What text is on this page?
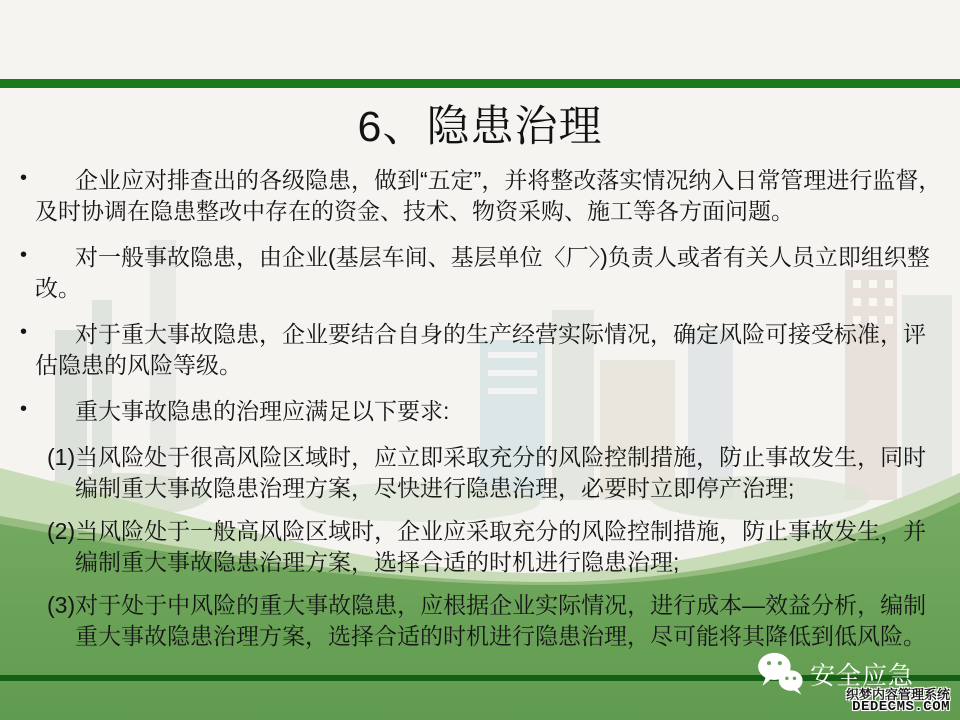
6、隐患治理

• 企业应对排查出的各级隐患，做到“五定”，并将整改落实情况纳入日常管理进行监督，及时协调在隐患整改中存在的资金、技术、物资采购、施工等各方面问题。

• 对一般事故隐患，由企业(基层车间、基层单位〈厂〉)负责人或者有关人员立即组织整改。

• 对于重大事故隐患，企业要结合自身的生产经营实际情况，确定风险可接受标准，评估隐患的风险等级。

• 重大事故隐患的治理应满足以下要求:

(1)当风险处于很高风险区域时，应立即采取充分的风险控制措施，防止事故发生，同时编制重大事故隐患治理方案，尽快进行隐患治理，必要时立即停产治理;

(2)当风险处于一般高风险区域时，企业应采取充分的风险控制措施，防止事故发生，并编制重大事故隐患治理方案，选择合适的时机进行隐患治理;

(3)对于处于中风险的重大事故隐患，应根据企业实际情况，进行成本—效益分析，编制重大事故隐患治理方案，选择合适的时机进行隐患治理，尽可能将其降低到低风险。

安全应急
织梦内容管理系统
DEDECMS.COM
